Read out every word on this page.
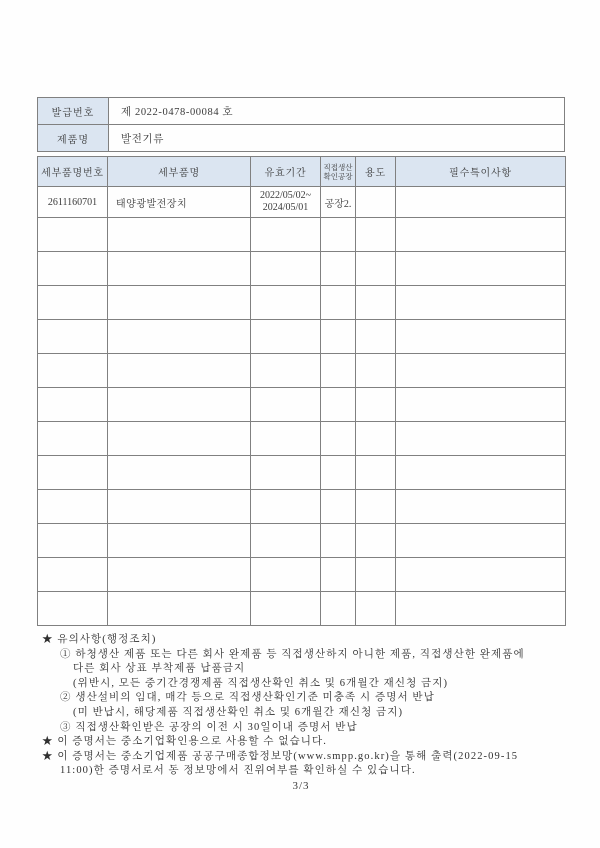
발급번호	제 2022-0478-00084 호
제품명	발전기류
세부품명번호	세부품명	유효기간	직접생산 확인공장	용도	필수특이사항
2611160701	태양광발전장치	2022/05/02~ 2024/05/01	공장2.		

★ 유의사항(행정조치)
① 하청생산 제품 또는 다른 회사 완제품 등 직접생산하지 아니한 제품, 직접생산한 완제품에
다른 회사 상표 부착제품 납품금지
(위반시, 모든 중기간경쟁제품 직접생산확인 취소 및 6개월간 재신청 금지)
② 생산설비의 임대, 매각 등으로 직접생산확인기준 미충족 시 증명서 반납
(미 반납시, 해당제품 직접생산확인 취소 및 6개월간 재신청 금지)
③ 직접생산확인받은 공장의 이전 시 30일이내 증명서 반납
★ 이 증명서는 중소기업확인용으로 사용할 수 없습니다.
★ 이 증명서는 중소기업제품 공공구매종합정보망(www.smpp.go.kr)을 통해 출력(2022-09-15
11:00)한 증명서로서 동 정보망에서 진위여부를 확인하실 수 있습니다.
3/3
